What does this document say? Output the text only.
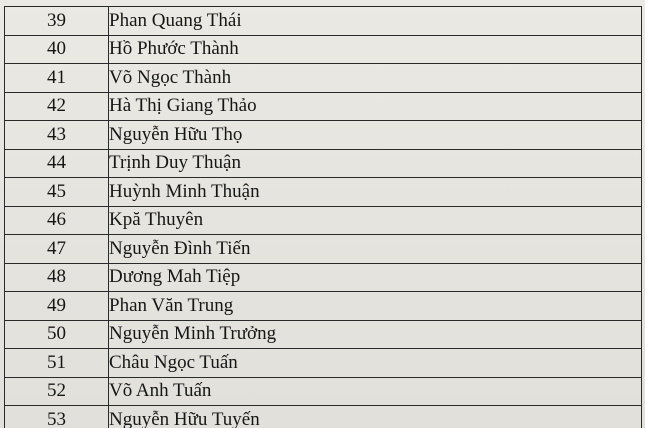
39	Phan Quang Thái
40	Hồ Phước Thành
41	Võ Ngọc Thành
42	Hà Thị Giang Thảo
43	Nguyễn Hữu Thọ
44	Trịnh Duy Thuận
45	Huỳnh Minh Thuận
46	Kpă Thuyên
47	Nguyễn Đình Tiến
48	Dương Mah Tiệp
49	Phan Văn Trung
50	Nguyễn Minh Trưởng
51	Châu Ngọc Tuấn
52	Võ Anh Tuấn
53	Nguyễn Hữu Tuyến
